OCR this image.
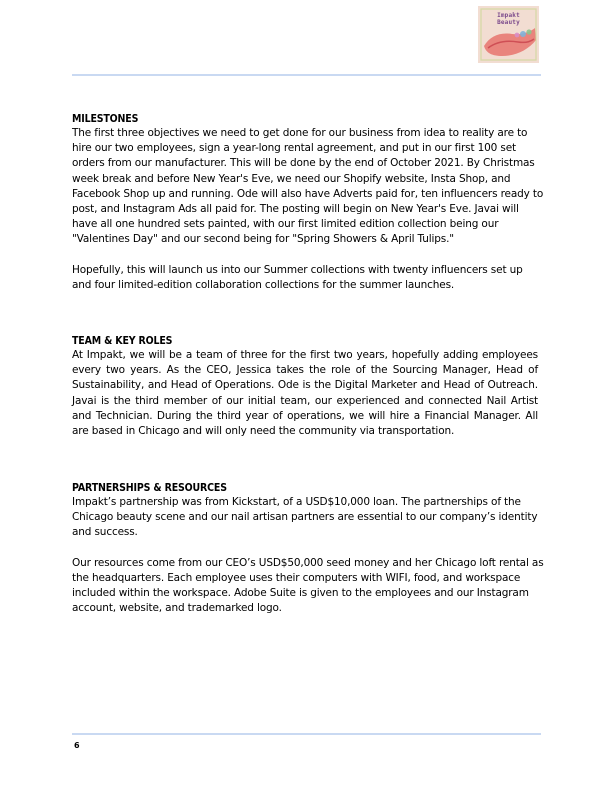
Impakt
Beauty

MILESTONES

The first three objectives we need to get done for our business from idea to reality are to hire our two employees, sign a year-long rental agreement, and put in our first 100 set orders from our manufacturer. This will be done by the end of October 2021. By Christmas week break and before New Year's Eve, we need our Shopify website, Insta Shop, and Facebook Shop up and running. Ode will also have Adverts paid for, ten influencers ready to post, and Instagram Ads all paid for. The posting will begin on New Year's Eve. Javai will have all one hundred sets painted, with our first limited edition collection being our "Valentines Day" and our second being for "Spring Showers & April Tulips."

Hopefully, this will launch us into our Summer collections with twenty influencers set up and four limited-edition collaboration collections for the summer launches.

TEAM & KEY ROLES

At Impakt, we will be a team of three for the first two years, hopefully adding employees every two years. As the CEO, Jessica takes the role of the Sourcing Manager, Head of Sustainability, and Head of Operations. Ode is the Digital Marketer and Head of Outreach. Javai is the third member of our initial team, our experienced and connected Nail Artist and Technician. During the third year of operations, we will hire a Financial Manager. All are based in Chicago and will only need the community via transportation.

PARTNERSHIPS & RESOURCES

Impakt’s partnership was from Kickstart, of a USD$10,000 loan. The partnerships of the Chicago beauty scene and our nail artisan partners are essential to our company’s identity and success.

Our resources come from our CEO’s USD$50,000 seed money and her Chicago loft rental as the headquarters. Each employee uses their computers with WIFI, food, and workspace included within the workspace. Adobe Suite is given to the employees and our Instagram account, website, and trademarked logo.

6
